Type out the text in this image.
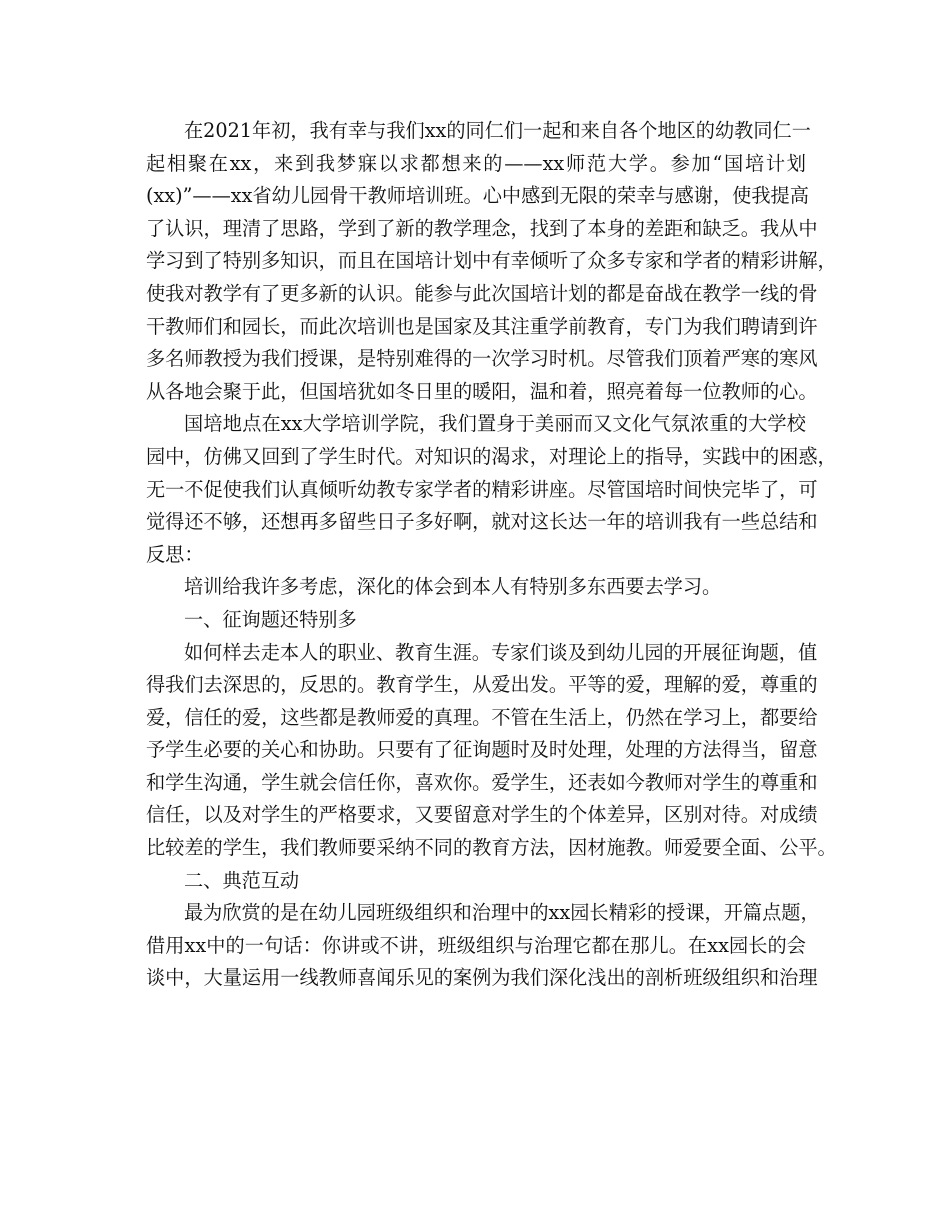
在2021年初，我有幸与我们xx的同仁们一起和来自各个地区的幼教同仁一
起相聚在xx，来到我梦寐以求都想来的——xx师范大学。参加“国培计划
(xx)”——xx省幼儿园骨干教师培训班。心中感到无限的荣幸与感谢，使我提高
了认识，理清了思路，学到了新的教学理念，找到了本身的差距和缺乏。我从中
学习到了特别多知识，而且在国培计划中有幸倾听了众多专家和学者的精彩讲解，
使我对教学有了更多新的认识。能参与此次国培计划的都是奋战在教学一线的骨
干教师们和园长，而此次培训也是国家及其注重学前教育，专门为我们聘请到许
多名师教授为我们授课，是特别难得的一次学习时机。尽管我们顶着严寒的寒风
从各地会聚于此，但国培犹如冬日里的暖阳，温和着，照亮着每一位教师的心。
国培地点在xx大学培训学院，我们置身于美丽而又文化气氛浓重的大学校
园中，仿佛又回到了学生时代。对知识的渴求，对理论上的指导，实践中的困惑，
无一不促使我们认真倾听幼教专家学者的精彩讲座。尽管国培时间快完毕了，可
觉得还不够，还想再多留些日子多好啊，就对这长达一年的培训我有一些总结和
反思：
培训给我许多考虑，深化的体会到本人有特别多东西要去学习。
一、征询题还特别多
如何样去走本人的职业、教育生涯。专家们谈及到幼儿园的开展征询题，值
得我们去深思的，反思的。教育学生，从爱出发。平等的爱，理解的爱，尊重的
爱，信任的爱，这些都是教师爱的真理。不管在生活上，仍然在学习上，都要给
予学生必要的关心和协助。只要有了征询题时及时处理，处理的方法得当，留意
和学生沟通，学生就会信任你，喜欢你。爱学生，还表如今教师对学生的尊重和
信任，以及对学生的严格要求，又要留意对学生的个体差异，区别对待。对成绩
比较差的学生，我们教师要采纳不同的教育方法，因材施教。师爱要全面、公平。
二、典范互动
最为欣赏的是在幼儿园班级组织和治理中的xx园长精彩的授课，开篇点题，
借用xx中的一句话：你讲或不讲，班级组织与治理它都在那儿。在xx园长的会
谈中，大量运用一线教师喜闻乐见的案例为我们深化浅出的剖析班级组织和治理
